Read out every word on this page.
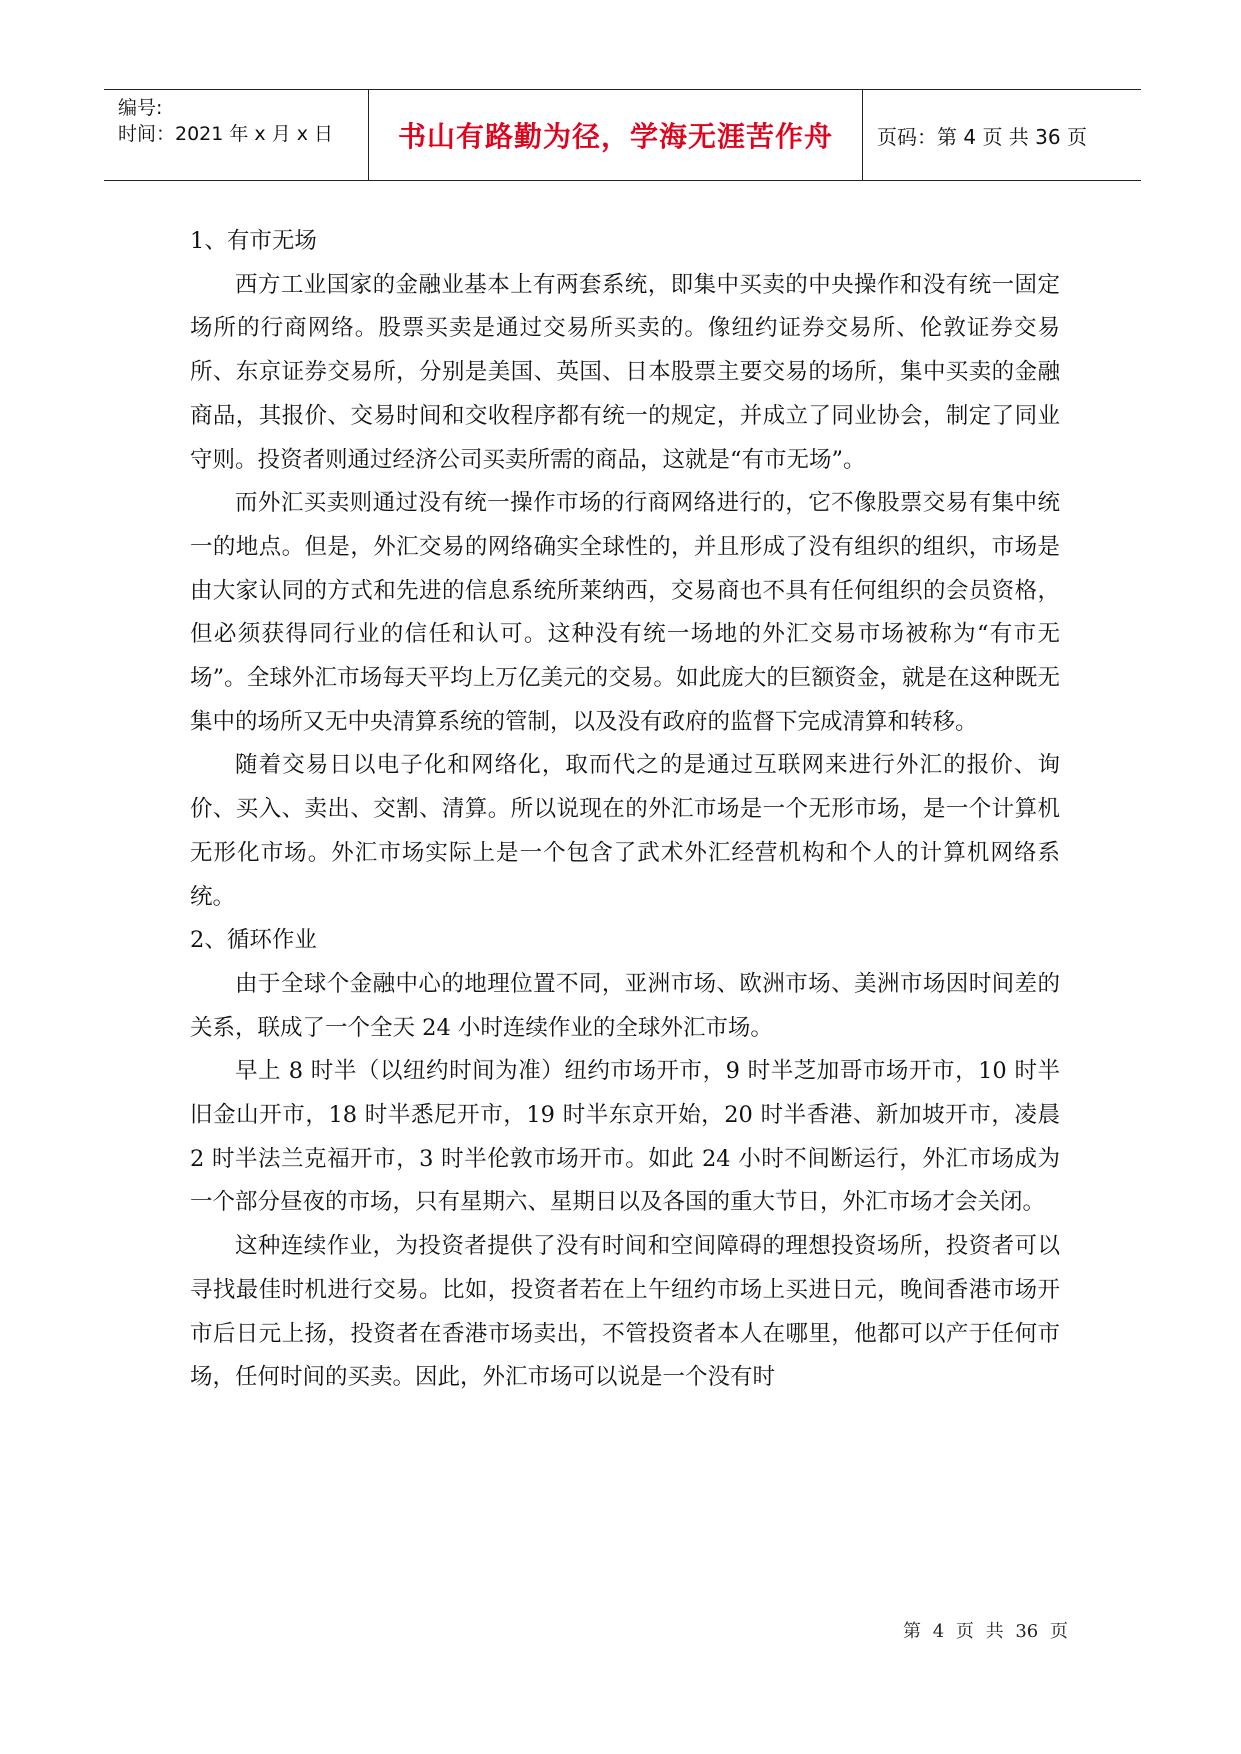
编号:
时间：2021 年 x 月 x 日	书山有路勤为径，学海无涯苦作舟	页码：第 4 页 共 36 页

1、有市无场

西方工业国家的金融业基本上有两套系统，即集中买卖的中央操作和没有统一固定场所的行商网络。股票买卖是通过交易所买卖的。像纽约证券交易所、伦敦证券交易所、东京证券交易所，分别是美国、英国、日本股票主要交易的场所，集中买卖的金融商品，其报价、交易时间和交收程序都有统一的规定，并成立了同业协会，制定了同业守则。投资者则通过经济公司买卖所需的商品，这就是“有市无场”。

而外汇买卖则通过没有统一操作市场的行商网络进行的，它不像股票交易有集中统一的地点。但是，外汇交易的网络确实全球性的，并且形成了没有组织的组织，市场是由大家认同的方式和先进的信息系统所莱纳西，交易商也不具有任何组织的会员资格，但必须获得同行业的信任和认可。这种没有统一场地的外汇交易市场被称为“有市无场”。全球外汇市场每天平均上万亿美元的交易。如此庞大的巨额资金，就是在这种既无集中的场所又无中央清算系统的管制，以及没有政府的监督下完成清算和转移。

随着交易日以电子化和网络化，取而代之的是通过互联网来进行外汇的报价、询价、买入、卖出、交割、清算。所以说现在的外汇市场是一个无形市场，是一个计算机无形化市场。外汇市场实际上是一个包含了武术外汇经营机构和个人的计算机网络系统。

2、循环作业

由于全球个金融中心的地理位置不同，亚洲市场、欧洲市场、美洲市场因时间差的关系，联成了一个全天 24 小时连续作业的全球外汇市场。

早上 8 时半（以纽约时间为准）纽约市场开市，9 时半芝加哥市场开市，10 时半旧金山开市，18 时半悉尼开市，19 时半东京开始，20 时半香港、新加坡开市，凌晨 2 时半法兰克福开市，3 时半伦敦市场开市。如此 24 小时不间断运行，外汇市场成为一个部分昼夜的市场，只有星期六、星期日以及各国的重大节日，外汇市场才会关闭。

这种连续作业，为投资者提供了没有时间和空间障碍的理想投资场所，投资者可以寻找最佳时机进行交易。比如，投资者若在上午纽约市场上买进日元，晚间香港市场开市后日元上扬，投资者在香港市场卖出，不管投资者本人在哪里，他都可以产于任何市场，任何时间的买卖。因此，外汇市场可以说是一个没有时

第 4 页 共 36 页
